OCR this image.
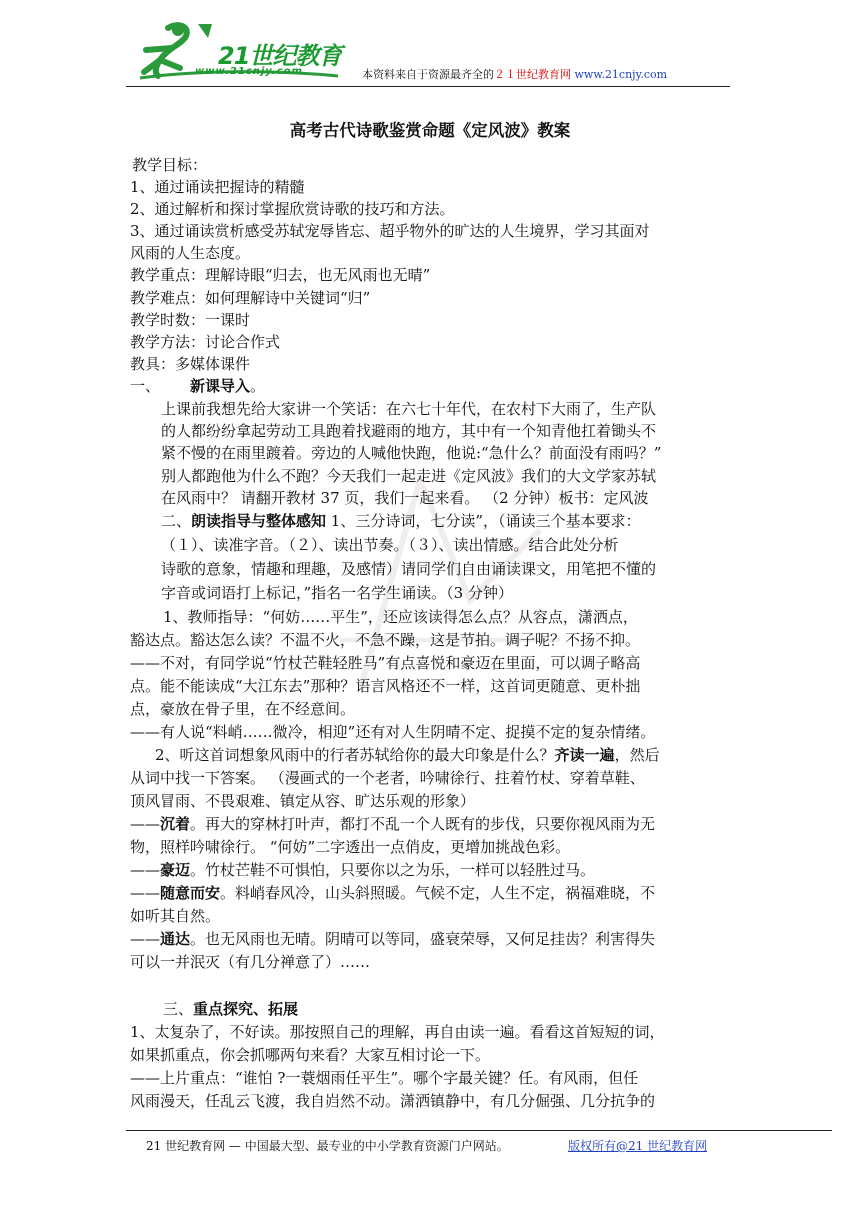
21世纪教育
www.21cnjy.com	本资料来自于资源最齐全的２１世纪教育网 www.21cnjy.com
高考古代诗歌鉴赏命题《定风波》教案
教学目标：
1、通过诵读把握诗的精髓
2、通过解析和探讨掌握欣赏诗歌的技巧和方法。
3、通过诵读赏析感受苏轼宠辱皆忘、超乎物外的旷达的人生境界，学习其面对
风雨的人生态度。
教学重点：理解诗眼“归去，也无风雨也无晴”
教学难点：如何理解诗中关键词“归”
教学时数：一课时
教学方法：讨论合作式
教具：多媒体课件
一、 新课导入。
上课前我想先给大家讲一个笑话：在六七十年代，在农村下大雨了，生产队
的人都纷纷拿起劳动工具跑着找避雨的地方，其中有一个知青他扛着锄头不
紧不慢的在雨里踱着。旁边的人喊他快跑，他说:“急什么？前面没有雨吗？”
别人都跑他为什么不跑？今天我们一起走进《定风波》我们的大文学家苏轼
在风雨中？ 请翻开教材 37 页，我们一起来看。 （2 分钟）板书：定风波
二、朗读指导与整体感知 1、三分诗词，七分读”，（诵读三个基本要求：
（１）、读准字音。（２）、读出节奏。（３）、读出情感。结合此处分析
诗歌的意象，情趣和理趣，及感情）请同学们自由诵读课文，用笔把不懂的
字音或词语打上标记，”指名一名学生诵读。（3 分钟）
1、教师指导：“何妨……平生”，还应该读得怎么点？从容点，潇洒点，
豁达点。豁达怎么读？不温不火，不急不躁，这是节拍。调子呢？不扬不抑。
——不对，有同学说“竹杖芒鞋轻胜马”有点喜悦和豪迈在里面，可以调子略高
点。能不能读成“大江东去”那种？语言风格还不一样，这首词更随意、更朴拙
点，豪放在骨子里，在不经意间。
——有人说“料峭……微冷，相迎”还有对人生阴晴不定、捉摸不定的复杂情绪。
2、听这首词想象风雨中的行者苏轼给你的最大印象是什么？齐读一遍，然后
从词中找一下答案。 （漫画式的一个老者，吟啸徐行、拄着竹杖、穿着草鞋、
顶风冒雨、不畏艰难、镇定从容、旷达乐观的形象）
——沉着。再大的穿林打叶声，都打不乱一个人既有的步伐，只要你视风雨为无
物，照样吟啸徐行。 “何妨”二字透出一点俏皮，更增加挑战色彩。
——豪迈。竹杖芒鞋不可惧怕，只要你以之为乐，一样可以轻胜过马。
——随意而安。料峭春风冷，山头斜照暖。气候不定，人生不定，祸福难晓，不
如听其自然。
——通达。也无风雨也无晴。阴晴可以等同，盛衰荣辱，又何足挂齿？利害得失
可以一并泯灭（有几分禅意了）……
三、重点探究、拓展
1、太复杂了，不好读。那按照自己的理解，再自由读一遍。看看这首短短的词，
如果抓重点，你会抓哪两句来看？大家互相讨论一下。
——上片重点：“谁怕 ?一蓑烟雨任平生”。哪个字最关键？任。有风雨，但任
风雨漫天，任乱云飞渡，我自岿然不动。潇洒镇静中，有几分倔强、几分抗争的
21 世纪教育网 — 中国最大型、最专业的中小学教育资源门户网站。	版权所有@21 世纪教育网
